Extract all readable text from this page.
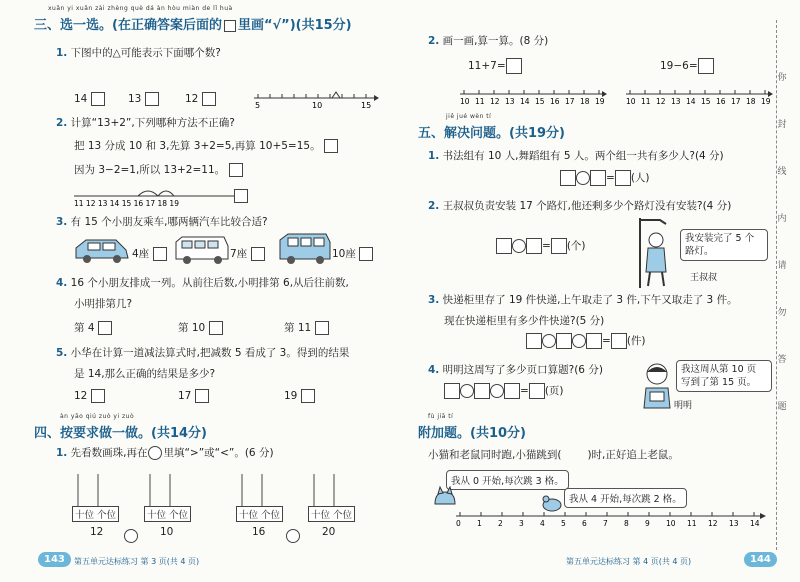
xuǎn yi xuǎn zài zhèng què dá àn hòu miàn de lǐ huà
三、选一选。(在正确答案后面的 里画“√”)(共15分)
1. 下图中的△可能表示下面哪个数?
14	13	12
5	10	15
2. 计算“13+2”,下列哪种方法不正确?
把 13 分成 10 和 3,先算 3+2=5,再算 10+5=15。
因为 3−2=1,所以 13+2=11。
11 12 13 14 15 16 17 18 19
3. 有 15 个小朋友乘车,哪两辆汽车比较合适?
4座	7座	10座
4. 16 个小朋友排成一列。从前往后数,小明排第 6,从后往前数,
小明排第几?
第 4	第 10	第 11
5. 小华在计算一道减法算式时,把减数 5 看成了 3。得到的结果
是 14,那么正确的结果是多少?
12	17	19
àn yāo qiú zuò yi zuò
四、按要求做一做。(共14分)
1. 先看数画珠,再在 里填“>”或“<”。(6 分)
十位 个位	十位 个位	十位 个位	十位 个位
12	10	16	20
143	第五单元达标练习 第 3 页(共 4 页)
2. 画一画,算一算。(8 分)
11+7=	19−6=
10 11 12 13 14 15 16 17 18 19	10 11 12 13 14 15 16 17 18 19
jiě jué wèn tí
五、解决问题。(共19分)
1. 书法组有 10 人,舞蹈组有 5 人。两个组一共有多少人?(4 分)
= (人)
2. 王叔叔负责安装 17 个路灯,他还剩多少个路灯没有安装?(4 分)
= (个)
我安装完了 5 个
路灯。
王叔叔
3. 快递柜里存了 19 件快递,上午取走了 3 件,下午又取走了 3 件。
现在快递柜里有多少件快递?(5 分)
= (件)
4. 明明这周写了多少页口算题?(6 分)
= (页)
我这周从第 10 页
写到了第 15 页。
明明
fù jiā tí
附加题。(共10分)
小猫和老鼠同时跑,小猫跳到( )时,正好追上老鼠。
我从 0 开始,每次跳 3 格。
我从 4 开始,每次跳 2 格。
0 1 2 3 4 5 6 7 8 9 10 11 12 13 14
你
封
线
内
请
勿
答
题
第五单元达标练习 第 4 页(共 4 页)	144
